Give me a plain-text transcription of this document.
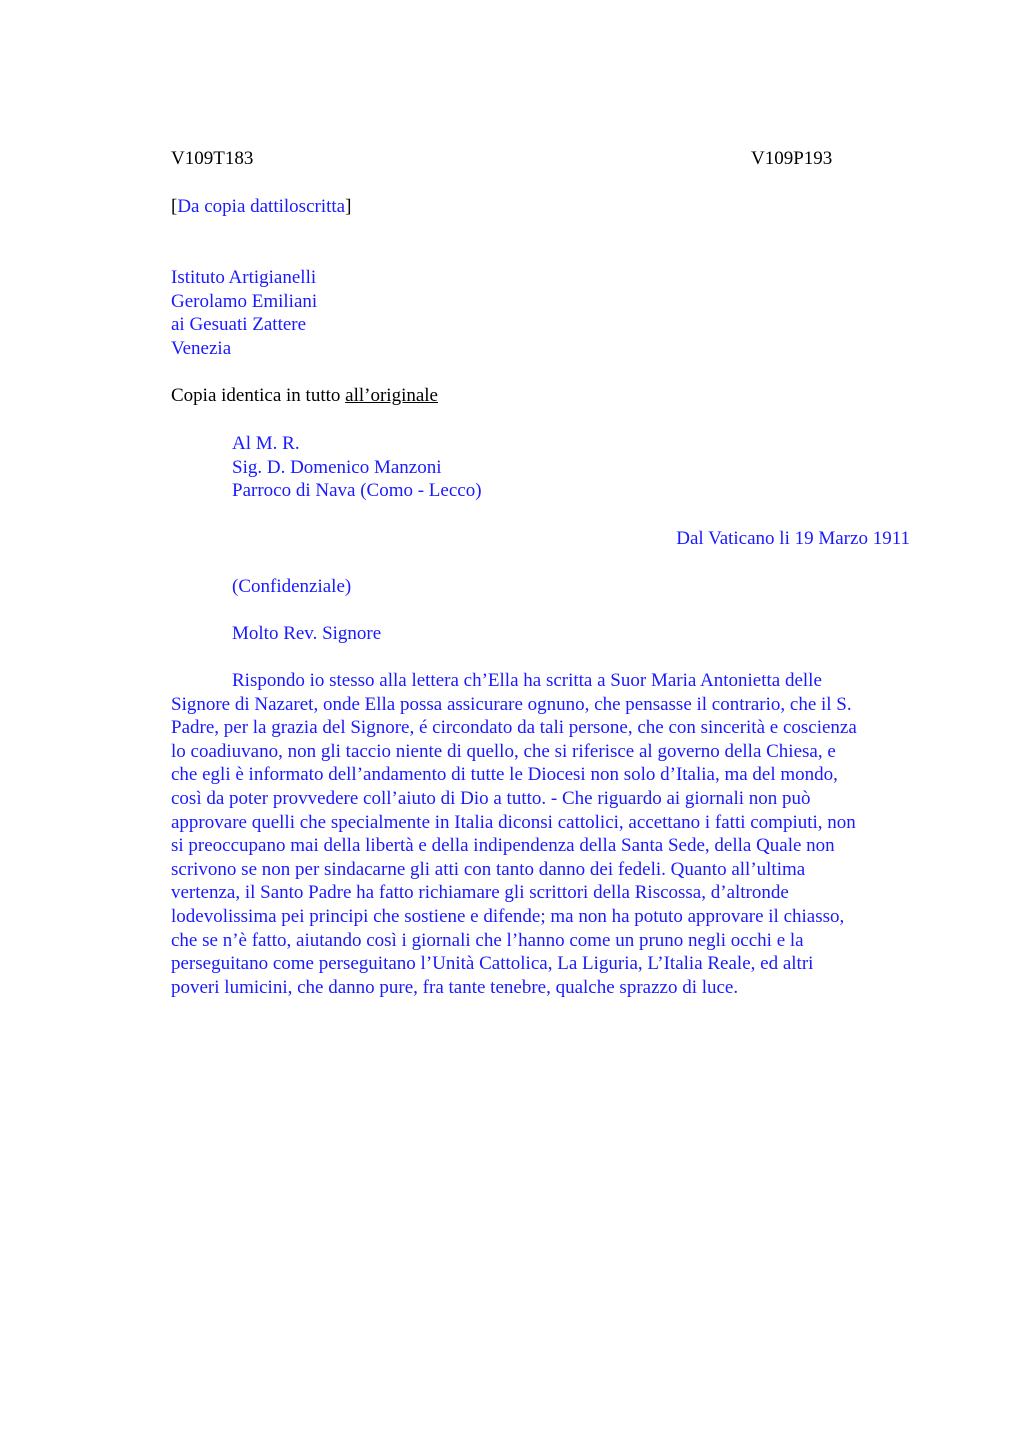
V109T183	V109P193
[Da copia dattiloscritta]
Istituto Artigianelli
Gerolamo Emiliani
ai Gesuati Zattere
Venezia
Copia identica in tutto all’originale
Al M. R.
Sig. D. Domenico Manzoni
Parroco di Nava (Como - Lecco)
Dal Vaticano li 19 Marzo 1911
(Confidenziale)
Molto Rev. Signore
Rispondo io stesso alla lettera ch’Ella ha scritta a Suor Maria Antonietta delle
Signore di Nazaret, onde Ella possa assicurare ognuno, che pensasse il contrario, che il S.
Padre, per la grazia del Signore, é circondato da tali persone, che con sincerità e coscienza
lo coadiuvano, non gli taccio niente di quello, che si riferisce al governo della Chiesa, e
che egli è informato dell’andamento di tutte le Diocesi non solo d’Italia, ma del mondo,
così da poter provvedere coll’aiuto di Dio a tutto. - Che riguardo ai giornali non può
approvare quelli che specialmente in Italia diconsi cattolici, accettano i fatti compiuti, non
si preoccupano mai della libertà e della indipendenza della Santa Sede, della Quale non
scrivono se non per sindacarne gli atti con tanto danno dei fedeli. Quanto all’ultima
vertenza, il Santo Padre ha fatto richiamare gli scrittori della Riscossa, d’altronde
lodevolissima pei principi che sostiene e difende; ma non ha potuto approvare il chiasso,
che se n’è fatto, aiutando così i giornali che l’hanno come un pruno negli occhi e la
perseguitano come perseguitano l’Unità Cattolica, La Liguria, L’Italia Reale, ed altri
poveri lumicini, che danno pure, fra tante tenebre, qualche sprazzo di luce.
